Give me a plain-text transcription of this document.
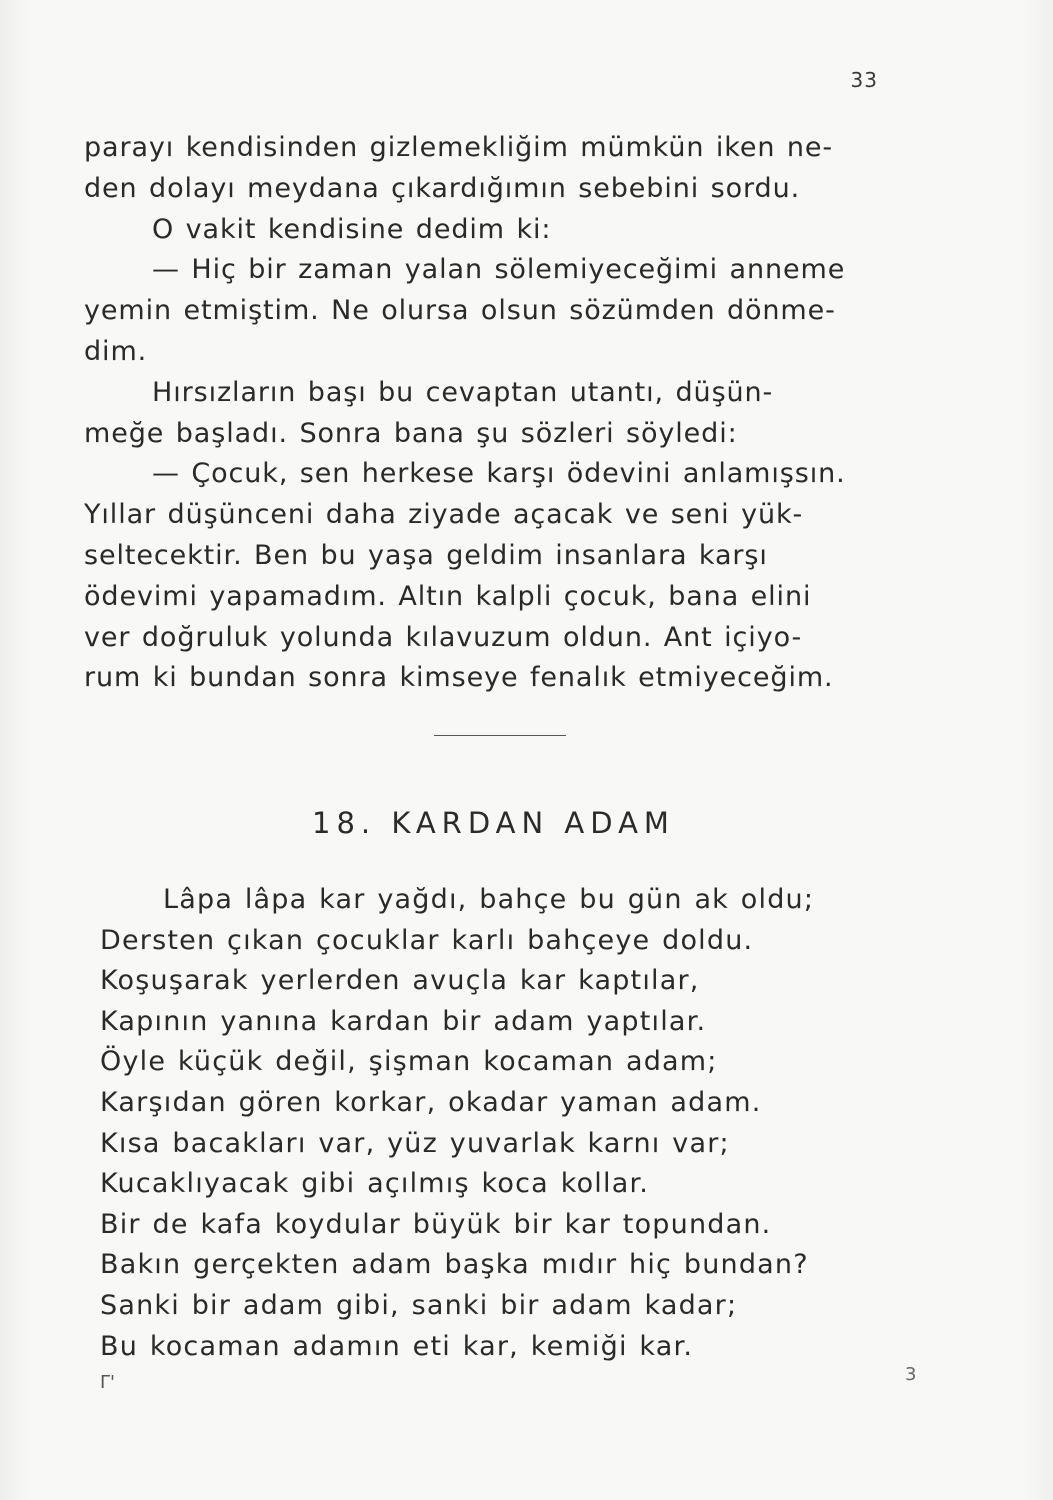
33
parayı kendisinden gizlemekliğim mümkün iken ne-
den dolayı meydana çıkardığımın sebebini sordu.
O vakit kendisine dedim ki:
— Hiç bir zaman yalan sölemiyeceğimi anneme
yemin etmiştim. Ne olursa olsun sözümden dönme-
dim.
Hırsızların başı bu cevaptan utantı, düşün-
meğe başladı. Sonra bana şu sözleri söyledi:
— Çocuk, sen herkese karşı ödevini anlamışsın.
Yıllar düşünceni daha ziyade açacak ve seni yük-
seltecektir. Ben bu yaşa geldim insanlara karşı
ödevimi yapamadım. Altın kalpli çocuk, bana elini
ver doğruluk yolunda kılavuzum oldun. Ant içiyo-
rum ki bundan sonra kimseye fenalık etmiyeceğim.
18. KARDAN ADAM
Lâpa lâpa kar yağdı, bahçe bu gün ak oldu;
Dersten çıkan çocuklar karlı bahçeye doldu.
Koşuşarak yerlerden avuçla kar kaptılar,
Kapının yanına kardan bir adam yaptılar.
Öyle küçük değil, şişman kocaman adam;
Karşıdan gören korkar, okadar yaman adam.
Kısa bacakları var, yüz yuvarlak karnı var;
Kucaklıyacak gibi açılmış koca kollar.
Bir de kafa koydular büyük bir kar topundan.
Bakın gerçekten adam başka mıdır hiç bundan?
Sanki bir adam gibi, sanki bir adam kadar;
Bu kocaman adamın eti kar, kemiği kar.
Γ'	3
